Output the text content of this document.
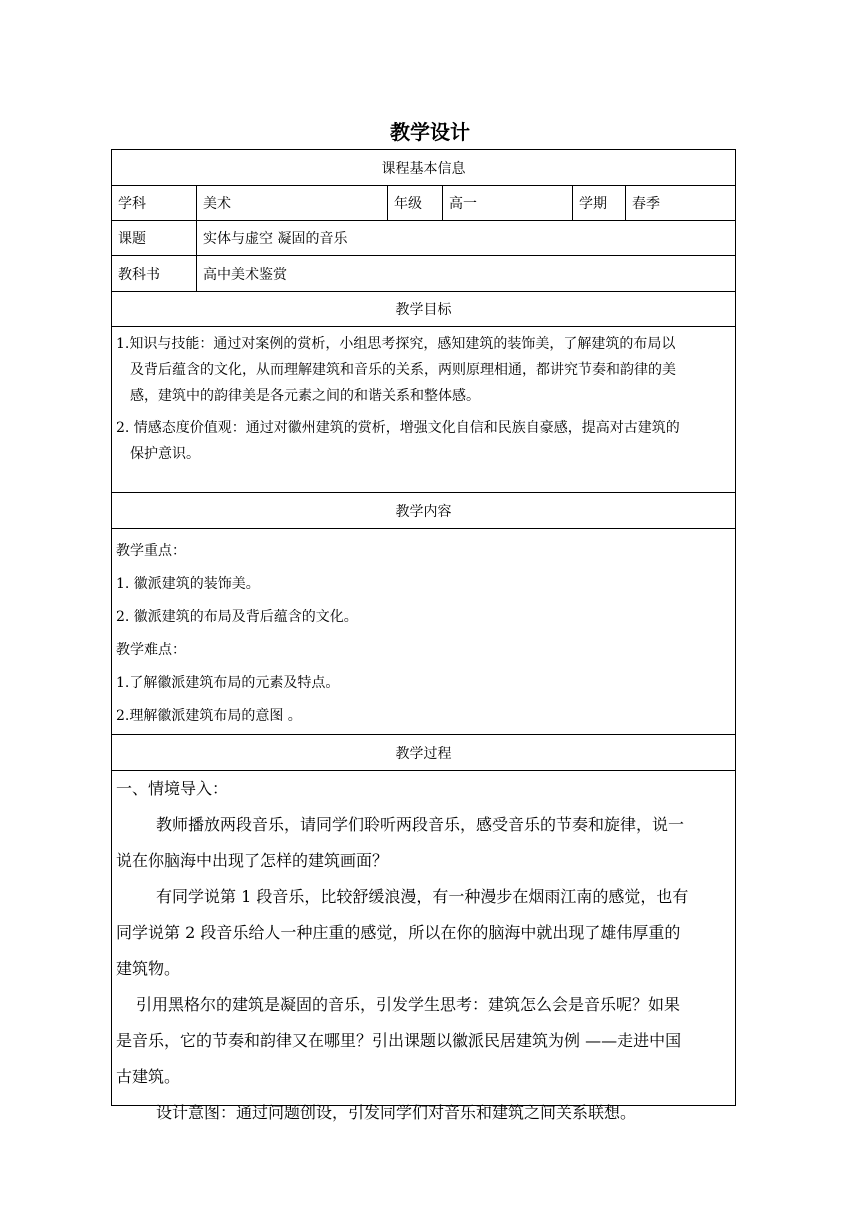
教学设计
课程基本信息
学科	美术	年级 高一	学期 春季
课题	实体与虚空 凝固的音乐
教科书	高中美术鉴赏
教学目标

1.知识与技能：通过对案例的赏析，小组思考探究，感知建筑的装饰美，了解建筑的布局以

及背后蕴含的文化，从而理解建筑和音乐的关系，两则原理相通，都讲究节奏和韵律的美

感，建筑中的韵律美是各元素之间的和谐关系和整体感。

2. 情感态度价值观：通过对徽州建筑的赏析，增强文化自信和民族自豪感，提高对古建筑的

保护意识。

教学内容

教学重点：

1. 徽派建筑的装饰美。

2. 徽派建筑的布局及背后蕴含的文化。

教学难点：

1.了解徽派建筑布局的元素及特点。

2.理解徽派建筑布局的意图 。

教学过程

一、情境导入：

教师播放两段音乐，请同学们聆听两段音乐，感受音乐的节奏和旋律，说一

说在你脑海中出现了怎样的建筑画面？

有同学说第 1 段音乐，比较舒缓浪漫，有一种漫步在烟雨江南的感觉，也有

同学说第 2 段音乐给人一种庄重的感觉，所以在你的脑海中就出现了雄伟厚重的

建筑物。

引用黑格尔的建筑是凝固的音乐，引发学生思考：建筑怎么会是音乐呢？如果

是音乐，它的节奏和韵律又在哪里？引出课题以徽派民居建筑为例 ——走进中国

古建筑。

设计意图：通过问题创设，引发同学们对音乐和建筑之间关系联想。
